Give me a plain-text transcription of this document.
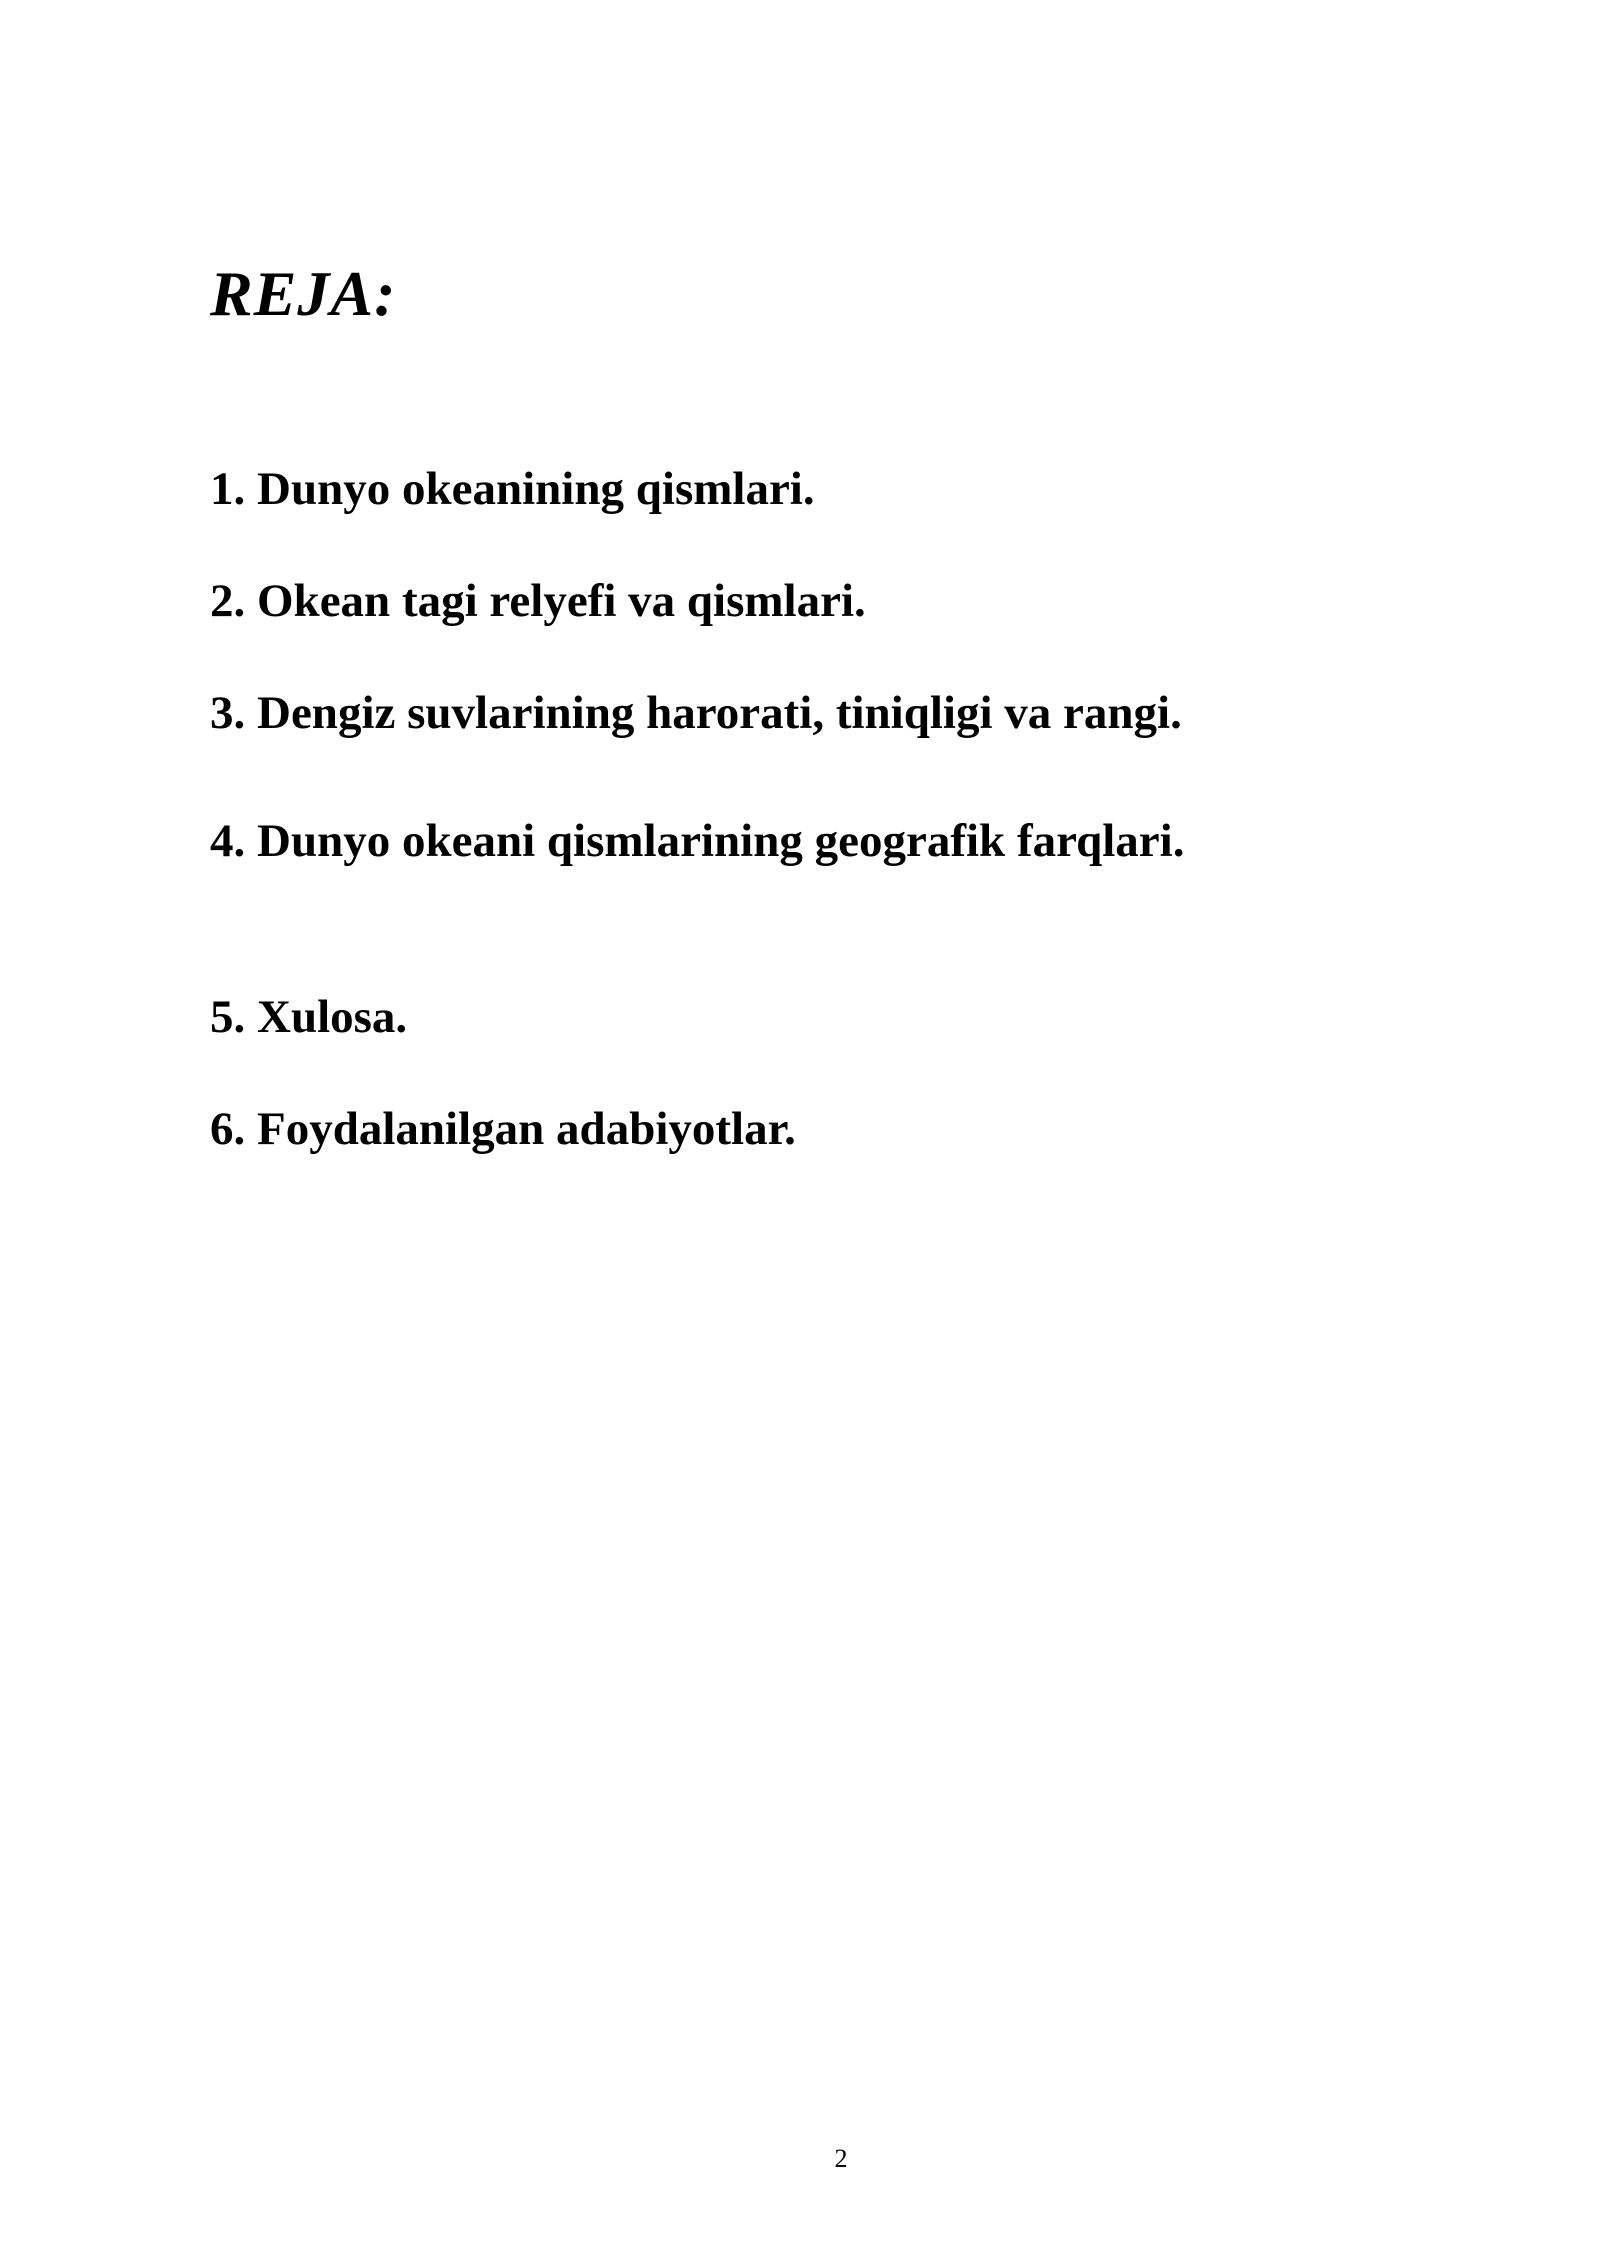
REJA:

1. Dunyo okeanining qismlari.

2. Okean tagi relyefi va qismlari.

3. Dengiz suvlarining harorati, tiniqligi va rangi.

4. Dunyo okeani qismlarining geografik farqlari.

5. Xulosa.

6. Foydalanilgan adabiyotlar.

2
